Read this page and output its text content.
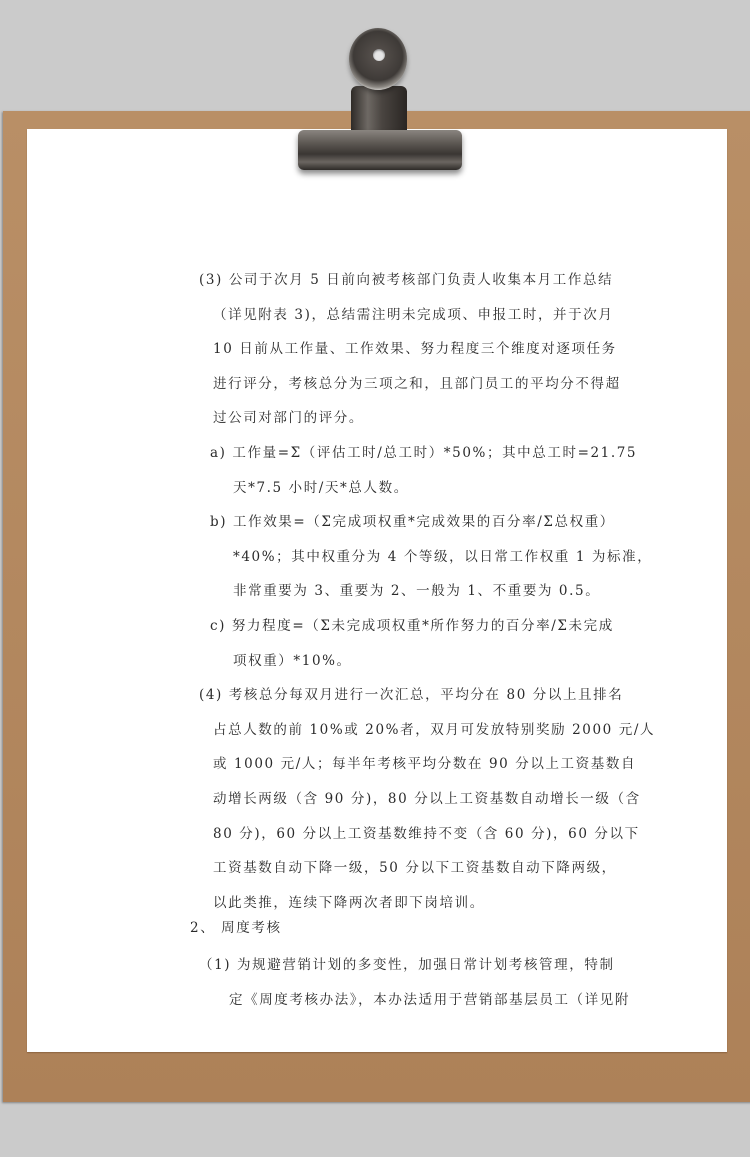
(3) 公司于次月 5 日前向被考核部门负责人收集本月工作总结
（详见附表 3)，总结需注明未完成项、申报工时，并于次月
10 日前从工作量、工作效果、努力程度三个维度对逐项任务
进行评分，考核总分为三项之和，且部门员工的平均分不得超
过公司对部门的评分。
a) 工作量=Σ（评估工时/总工时）*50%；其中总工时=21.75
天*7.5 小时/天*总人数。
b) 工作效果=（Σ完成项权重*完成效果的百分率/Σ总权重）
*40%；其中权重分为 4 个等级，以日常工作权重 1 为标准，
非常重要为 3、重要为 2、一般为 1、不重要为 0.5。
c) 努力程度=（Σ未完成项权重*所作努力的百分率/Σ未完成
项权重）*10%。
(4) 考核总分每双月进行一次汇总，平均分在 80 分以上且排名
占总人数的前 10%或 20%者，双月可发放特别奖励 2000 元/人
或 1000 元/人；每半年考核平均分数在 90 分以上工资基数自
动增长两级（含 90 分)，80 分以上工资基数自动增长一级（含
80 分)，60 分以上工资基数维持不变（含 60 分)，60 分以下
工资基数自动下降一级，50 分以下工资基数自动下降两级，
以此类推，连续下降两次者即下岗培训。
2、 周度考核
（1) 为规避营销计划的多变性，加强日常计划考核管理，特制
定《周度考核办法》，本办法适用于营销部基层员工（详见附
